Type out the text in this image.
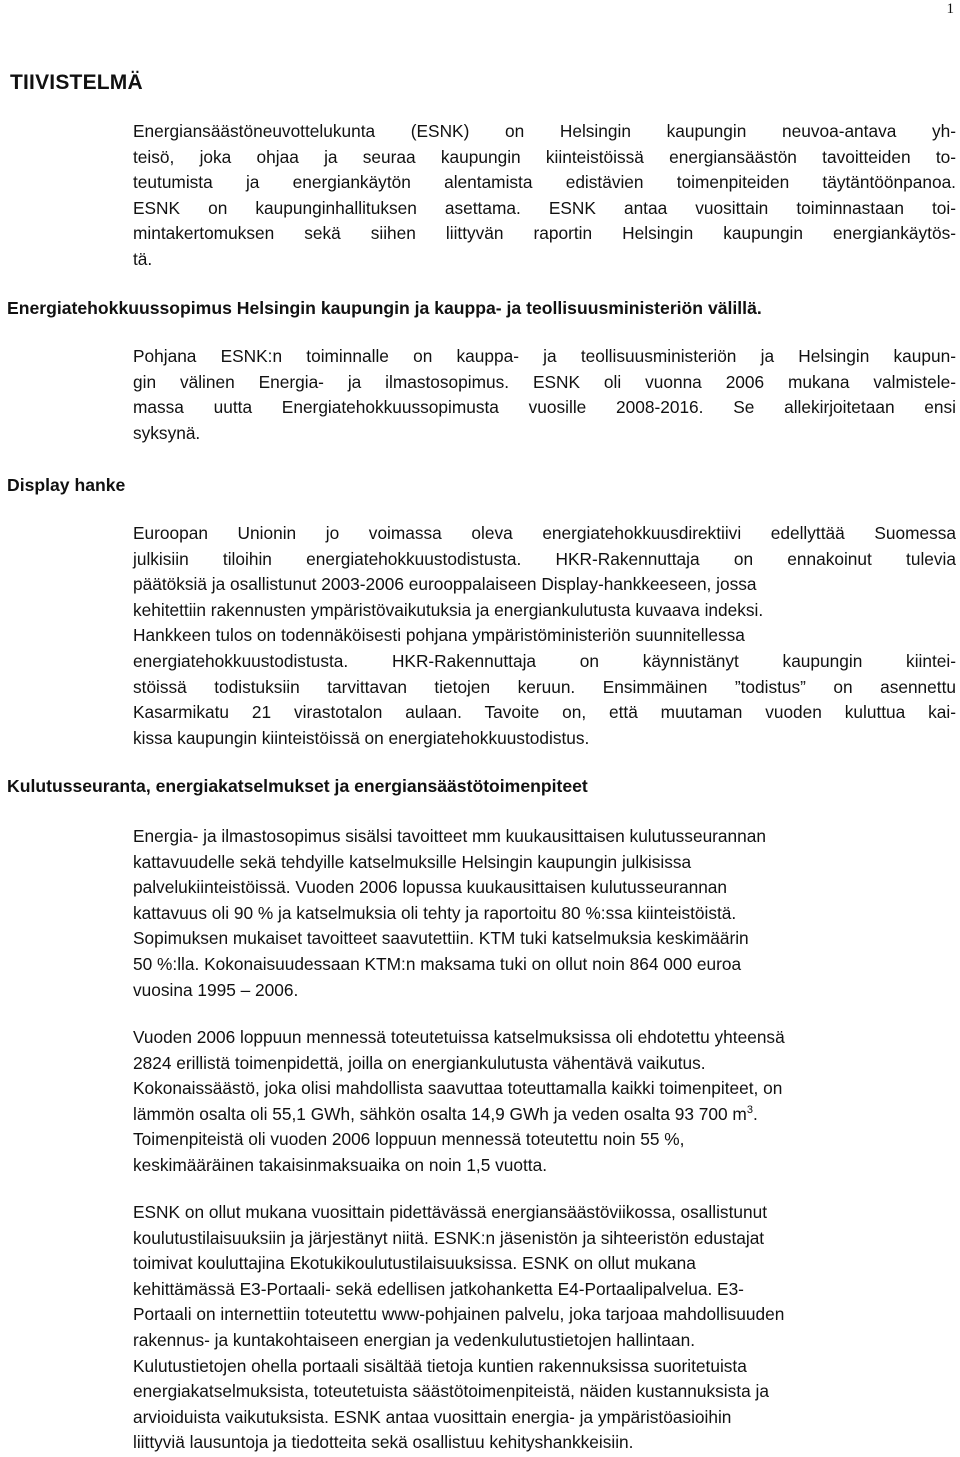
1
TIIVISTELMÄ
Energiansäästöneuvottelukunta (ESNK) on Helsingin kaupungin neuvoa-antava yh-
teisö, joka ohjaa ja seuraa kaupungin kiinteistöissä energiansäästön tavoitteiden to-
teutumista ja energiankäytön alentamista edistävien toimenpiteiden täytäntöönpanoa.
ESNK on kaupunginhallituksen asettama. ESNK antaa vuosittain toiminnastaan toi-
mintakertomuksen sekä siihen liittyvän raportin Helsingin kaupungin energiankäytös-
tä.
Energiatehokkuussopimus Helsingin kaupungin ja kauppa- ja teollisuusministeriön välillä.
Pohjana ESNK:n toiminnalle on kauppa- ja teollisuusministeriön ja Helsingin kaupun-
gin välinen Energia- ja ilmastosopimus. ESNK oli vuonna 2006 mukana valmistele-
massa uutta Energiatehokkuussopimusta vuosille 2008-2016. Se allekirjoitetaan ensi
syksynä.
Display hanke
Euroopan Unionin jo voimassa oleva energiatehokkuusdirektiivi edellyttää Suomessa
julkisiin tiloihin energiatehokkuustodistusta. HKR-Rakennuttaja on ennakoinut tulevia
päätöksiä ja osallistunut 2003-2006 eurooppalaiseen Display-hankkeeseen, jossa
kehitettiin rakennusten ympäristövaikutuksia ja energiankulutusta kuvaava indeksi.
Hankkeen tulos on todennäköisesti pohjana ympäristöministeriön suunnitellessa
energiatehokkuustodistusta. HKR-Rakennuttaja on käynnistänyt kaupungin kiintei-
stöissä todistuksiin tarvittavan tietojen keruun. Ensimmäinen ”todistus” on asennettu
Kasarmikatu 21 virastotalon aulaan. Tavoite on, että muutaman vuoden kuluttua kai-
kissa kaupungin kiinteistöissä on energiatehokkuustodistus.
Kulutusseuranta, energiakatselmukset ja energiansäästötoimenpiteet
Energia- ja ilmastosopimus sisälsi tavoitteet mm kuukausittaisen kulutusseurannan
kattavuudelle sekä tehdyille katselmuksille Helsingin kaupungin julkisissa
palvelukiinteistöissä. Vuoden 2006 lopussa kuukausittaisen kulutusseurannan
kattavuus oli 90 % ja katselmuksia oli tehty ja raportoitu 80 %:ssa kiinteistöistä.
Sopimuksen mukaiset tavoitteet saavutettiin. KTM tuki katselmuksia keskimäärin
50 %:lla. Kokonaisuudessaan KTM:n maksama tuki on ollut noin 864 000 euroa
vuosina 1995 – 2006.
Vuoden 2006 loppuun mennessä toteutetuissa katselmuksissa oli ehdotettu yhteensä
2824 erillistä toimenpidettä, joilla on energiankulutusta vähentävä vaikutus.
Kokonaissäästö, joka olisi mahdollista saavuttaa toteuttamalla kaikki toimenpiteet, on
lämmön osalta oli 55,1 GWh, sähkön osalta 14,9 GWh ja veden osalta 93 700 $m^3$.
Toimenpiteistä oli vuoden 2006 loppuun mennessä toteutettu noin 55 %,
keskimääräinen takaisinmaksuaika on noin 1,5 vuotta.
ESNK on ollut mukana vuosittain pidettävässä energiansäästöviikossa, osallistunut
koulutustilaisuuksiin ja järjestänyt niitä. ESNK:n jäsenistön ja sihteeristön edustajat
toimivat kouluttajina Ekotukikoulutustilaisuuksissa. ESNK on ollut mukana
kehittämässä E3-Portaali- sekä edellisen jatkohanketta E4-Portaalipalvelua. E3-
Portaali on internettiin toteutettu www-pohjainen palvelu, joka tarjoaa mahdollisuuden
rakennus- ja kuntakohtaiseen energian ja vedenkulutustietojen hallintaan.
Kulutustietojen ohella portaali sisältää tietoja kuntien rakennuksissa suoritetuista
energiakatselmuksista, toteutetuista säästötoimenpiteistä, näiden kustannuksista ja
arvioiduista vaikutuksista. ESNK antaa vuosittain energia- ja ympäristöasioihin
liittyviä lausuntoja ja tiedotteita sekä osallistuu kehityshankkeisiin.
